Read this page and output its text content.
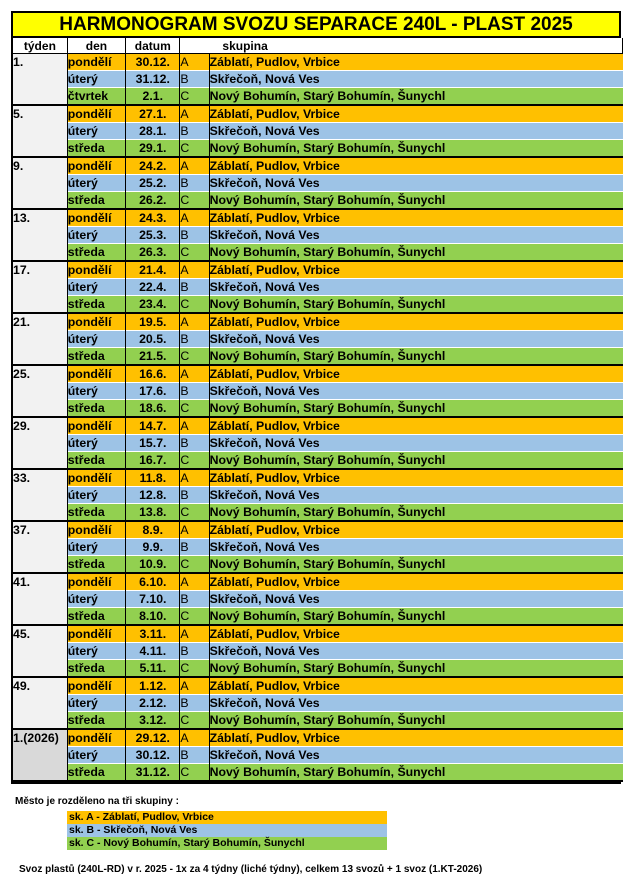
HARMONOGRAM SVOZU SEPARACE 240L - PLAST 2025
týden	den	datum	skupina	
1.	pondělí	30.12.	A	Záblatí, Pudlov, Vrbice
	úterý	31.12.	B	Skřečoň, Nová Ves
	čtvrtek	2.1.	C	Nový Bohumín, Starý Bohumín, Šunychl
5.	pondělí	27.1.	A	Záblatí, Pudlov, Vrbice
	úterý	28.1.	B	Skřečoň, Nová Ves
	středa	29.1.	C	Nový Bohumín, Starý Bohumín, Šunychl
9.	pondělí	24.2.	A	Záblatí, Pudlov, Vrbice
	úterý	25.2.	B	Skřečoň, Nová Ves
	středa	26.2.	C	Nový Bohumín, Starý Bohumín, Šunychl
13.	pondělí	24.3.	A	Záblatí, Pudlov, Vrbice
	úterý	25.3.	B	Skřečoň, Nová Ves
	středa	26.3.	C	Nový Bohumín, Starý Bohumín, Šunychl
17.	pondělí	21.4.	A	Záblatí, Pudlov, Vrbice
	úterý	22.4.	B	Skřečoň, Nová Ves
	středa	23.4.	C	Nový Bohumín, Starý Bohumín, Šunychl
21.	pondělí	19.5.	A	Záblatí, Pudlov, Vrbice
	úterý	20.5.	B	Skřečoň, Nová Ves
	středa	21.5.	C	Nový Bohumín, Starý Bohumín, Šunychl
25.	pondělí	16.6.	A	Záblatí, Pudlov, Vrbice
	úterý	17.6.	B	Skřečoň, Nová Ves
	středa	18.6.	C	Nový Bohumín, Starý Bohumín, Šunychl
29.	pondělí	14.7.	A	Záblatí, Pudlov, Vrbice
	úterý	15.7.	B	Skřečoň, Nová Ves
	středa	16.7.	C	Nový Bohumín, Starý Bohumín, Šunychl
33.	pondělí	11.8.	A	Záblatí, Pudlov, Vrbice
	úterý	12.8.	B	Skřečoň, Nová Ves
	středa	13.8.	C	Nový Bohumín, Starý Bohumín, Šunychl
37.	pondělí	8.9.	A	Záblatí, Pudlov, Vrbice
	úterý	9.9.	B	Skřečoň, Nová Ves
	středa	10.9.	C	Nový Bohumín, Starý Bohumín, Šunychl
41.	pondělí	6.10.	A	Záblatí, Pudlov, Vrbice
	úterý	7.10.	B	Skřečoň, Nová Ves
	středa	8.10.	C	Nový Bohumín, Starý Bohumín, Šunychl
45.	pondělí	3.11.	A	Záblatí, Pudlov, Vrbice
	úterý	4.11.	B	Skřečoň, Nová Ves
	středa	5.11.	C	Nový Bohumín, Starý Bohumín, Šunychl
49.	pondělí	1.12.	A	Záblatí, Pudlov, Vrbice
	úterý	2.12.	B	Skřečoň, Nová Ves
	středa	3.12.	C	Nový Bohumín, Starý Bohumín, Šunychl
1.(2026)	pondělí	29.12.	A	Záblatí, Pudlov, Vrbice
	úterý	30.12.	B	Skřečoň, Nová Ves
	středa	31.12.	C	Nový Bohumín, Starý Bohumín, Šunychl
Město je rozděleno na tři skupiny :
sk. A - Záblatí, Pudlov, Vrbice
sk. B - Skřečoň, Nová Ves
sk. C - Nový Bohumín, Starý Bohumín, Šunychl
Svoz plastů (240L-RD) v r. 2025 - 1x za 4 týdny (liché týdny), celkem 13 svozů + 1 svoz (1.KT-2026)
